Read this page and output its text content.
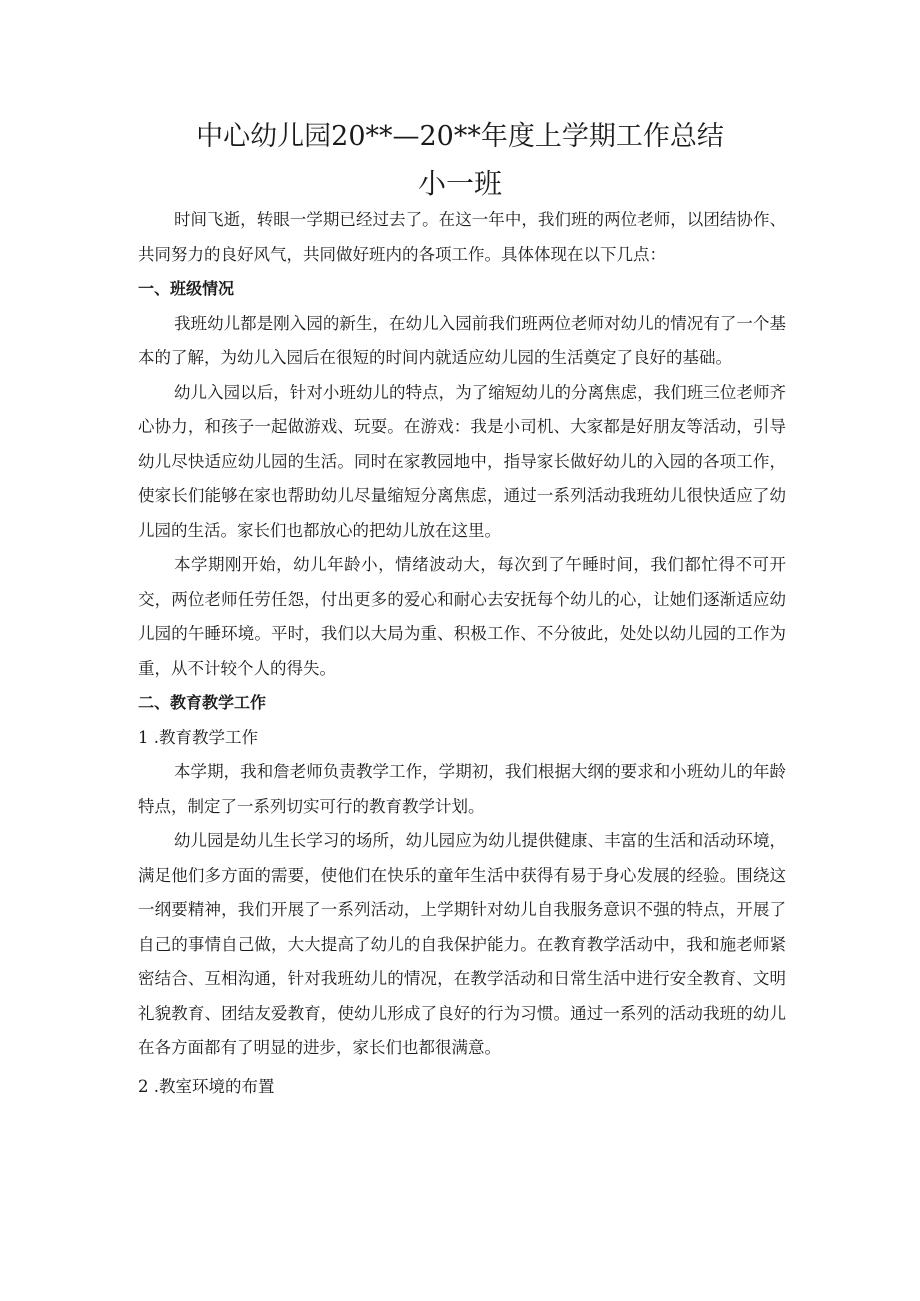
中心幼儿园20**—20**年度上学期工作总结
小一班

时间飞逝，转眼一学期已经过去了。在这一年中，我们班的两位老师，以团结协作、共同努力的良好风气，共同做好班内的各项工作。具体体现在以下几点：

一、班级情况

我班幼儿都是刚入园的新生，在幼儿入园前我们班两位老师对幼儿的情况有了一个基本的了解，为幼儿入园后在很短的时间内就适应幼儿园的生活奠定了良好的基础。

幼儿入园以后，针对小班幼儿的特点，为了缩短幼儿的分离焦虑，我们班三位老师齐心协力，和孩子一起做游戏、玩耍。在游戏：我是小司机、大家都是好朋友等活动，引导幼儿尽快适应幼儿园的生活。同时在家教园地中，指导家长做好幼儿的入园的各项工作，使家长们能够在家也帮助幼儿尽量缩短分离焦虑，通过一系列活动我班幼儿很快适应了幼儿园的生活。家长们也都放心的把幼儿放在这里。

本学期刚开始，幼儿年龄小，情绪波动大，每次到了午睡时间，我们都忙得不可开交，两位老师任劳任怨，付出更多的爱心和耐心去安抚每个幼儿的心，让她们逐渐适应幼儿园的午睡环境。平时，我们以大局为重、积极工作、不分彼此，处处以幼儿园的工作为重，从不计较个人的得失。

二、教育教学工作

1 .教育教学工作

本学期，我和詹老师负责教学工作，学期初，我们根据大纲的要求和小班幼儿的年龄特点，制定了一系列切实可行的教育教学计划。

幼儿园是幼儿生长学习的场所，幼儿园应为幼儿提供健康、丰富的生活和活动环境，满足他们多方面的需要，使他们在快乐的童年生活中获得有易于身心发展的经验。围绕这一纲要精神，我们开展了一系列活动，上学期针对幼儿自我服务意识不强的特点，开展了自己的事情自己做，大大提高了幼儿的自我保护能力。在教育教学活动中，我和施老师紧密结合、互相沟通，针对我班幼儿的情况，在教学活动和日常生活中进行安全教育、文明礼貌教育、团结友爱教育，使幼儿形成了良好的行为习惯。通过一系列的活动我班的幼儿在各方面都有了明显的进步，家长们也都很满意。

2 .教室环境的布置
